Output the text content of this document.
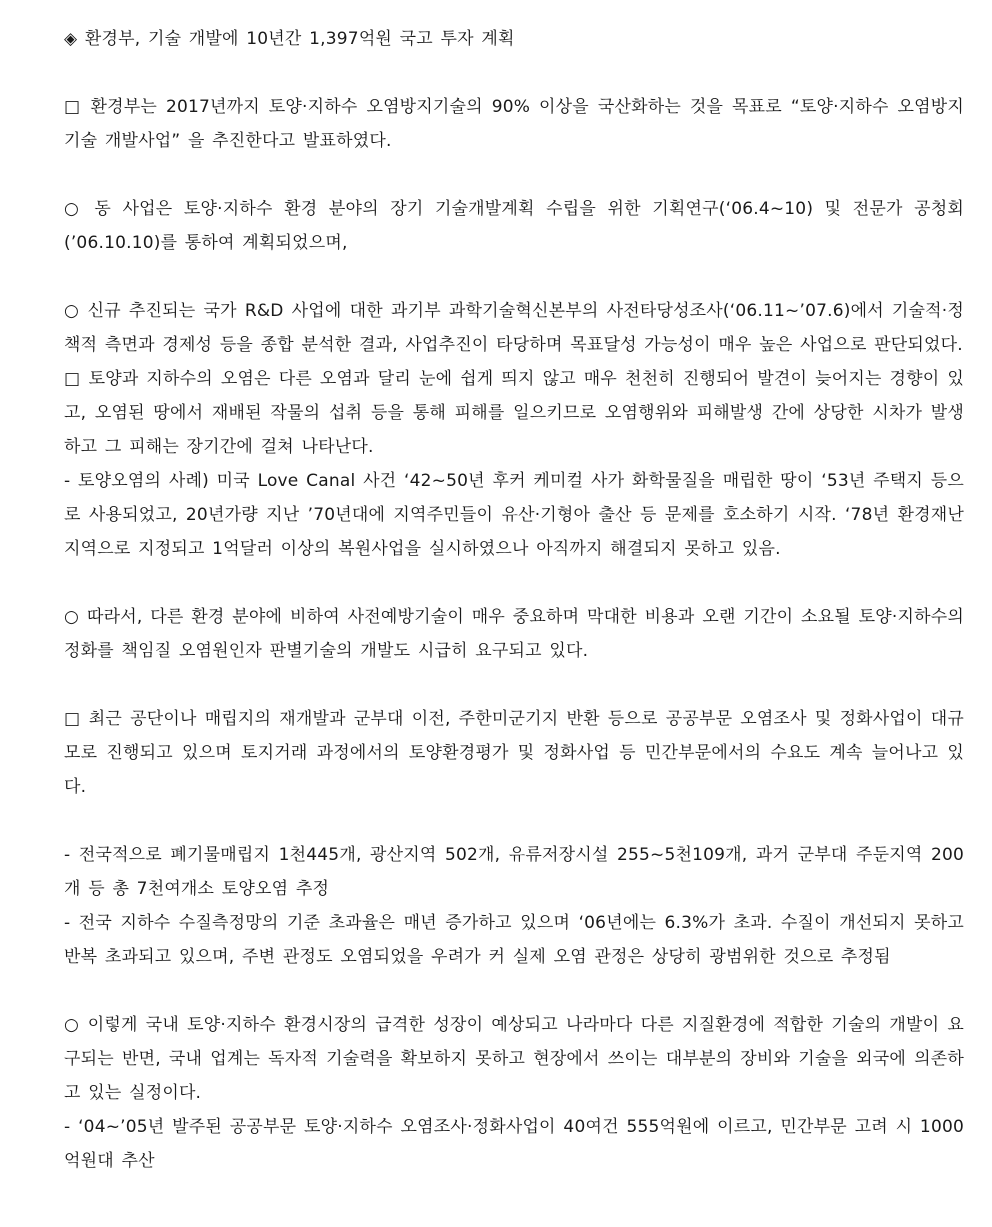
◈ 환경부, 기술 개발에 10년간 1,397억원 국고 투자 계획

□ 환경부는 2017년까지 토양·지하수 오염방지기술의 90% 이상을 국산화하는 것을 목표로 “토양·지하수 오염방지기술 개발사업” 을 추진한다고 발표하였다.

○ 동 사업은 토양·지하수 환경 분야의 장기 기술개발계획 수립을 위한 기획연구(‘06.4~10) 및 전문가 공청회(’06.10.10)를 통하여 계획되었으며,

○ 신규 추진되는 국가 R&D 사업에 대한 과기부 과학기술혁신본부의 사전타당성조사(‘06.11~’07.6)에서 기술적·정책적 측면과 경제성 등을 종합 분석한 결과, 사업추진이 타당하며 목표달성 가능성이 매우 높은 사업으로 판단되었다.

□ 토양과 지하수의 오염은 다른 오염과 달리 눈에 쉽게 띄지 않고 매우 천천히 진행되어 발견이 늦어지는 경향이 있고, 오염된 땅에서 재배된 작물의 섭취 등을 통해 피해를 일으키므로 오염행위와 피해발생 간에 상당한 시차가 발생하고 그 피해는 장기간에 걸쳐 나타난다.

- 토양오염의 사례) 미국 Love Canal 사건 ‘42~50년 후커 케미컬 사가 화학물질을 매립한 땅이 ‘53년 주택지 등으로 사용되었고, 20년가량 지난 ’70년대에 지역주민들이 유산·기형아 출산 등 문제를 호소하기 시작. ‘78년 환경재난지역으로 지정되고 1억달러 이상의 복원사업을 실시하였으나 아직까지 해결되지 못하고 있음.

○ 따라서, 다른 환경 분야에 비하여 사전예방기술이 매우 중요하며 막대한 비용과 오랜 기간이 소요될 토양·지하수의 정화를 책임질 오염원인자 판별기술의 개발도 시급히 요구되고 있다.

□ 최근 공단이나 매립지의 재개발과 군부대 이전, 주한미군기지 반환 등으로 공공부문 오염조사 및 정화사업이 대규모로 진행되고 있으며 토지거래 과정에서의 토양환경평가 및 정화사업 등 민간부문에서의 수요도 계속 늘어나고 있다.

- 전국적으로 폐기물매립지 1천445개, 광산지역 502개, 유류저장시설 255~5천109개, 과거 군부대 주둔지역 200개 등 총 7천여개소 토양오염 추정

- 전국 지하수 수질측정망의 기준 초과율은 매년 증가하고 있으며 ‘06년에는 6.3%가 초과. 수질이 개선되지 못하고 반복 초과되고 있으며, 주변 관정도 오염되었을 우려가 커 실제 오염 관정은 상당히 광범위한 것으로 추정됨

○ 이렇게 국내 토양·지하수 환경시장의 급격한 성장이 예상되고 나라마다 다른 지질환경에 적합한 기술의 개발이 요구되는 반면, 국내 업계는 독자적 기술력을 확보하지 못하고 현장에서 쓰이는 대부분의 장비와 기술을 외국에 의존하고 있는 실정이다.

- ‘04~’05년 발주된 공공부문 토양·지하수 오염조사·정화사업이 40여건 555억원에 이르고, 민간부문 고려 시 1000억원대 추산
